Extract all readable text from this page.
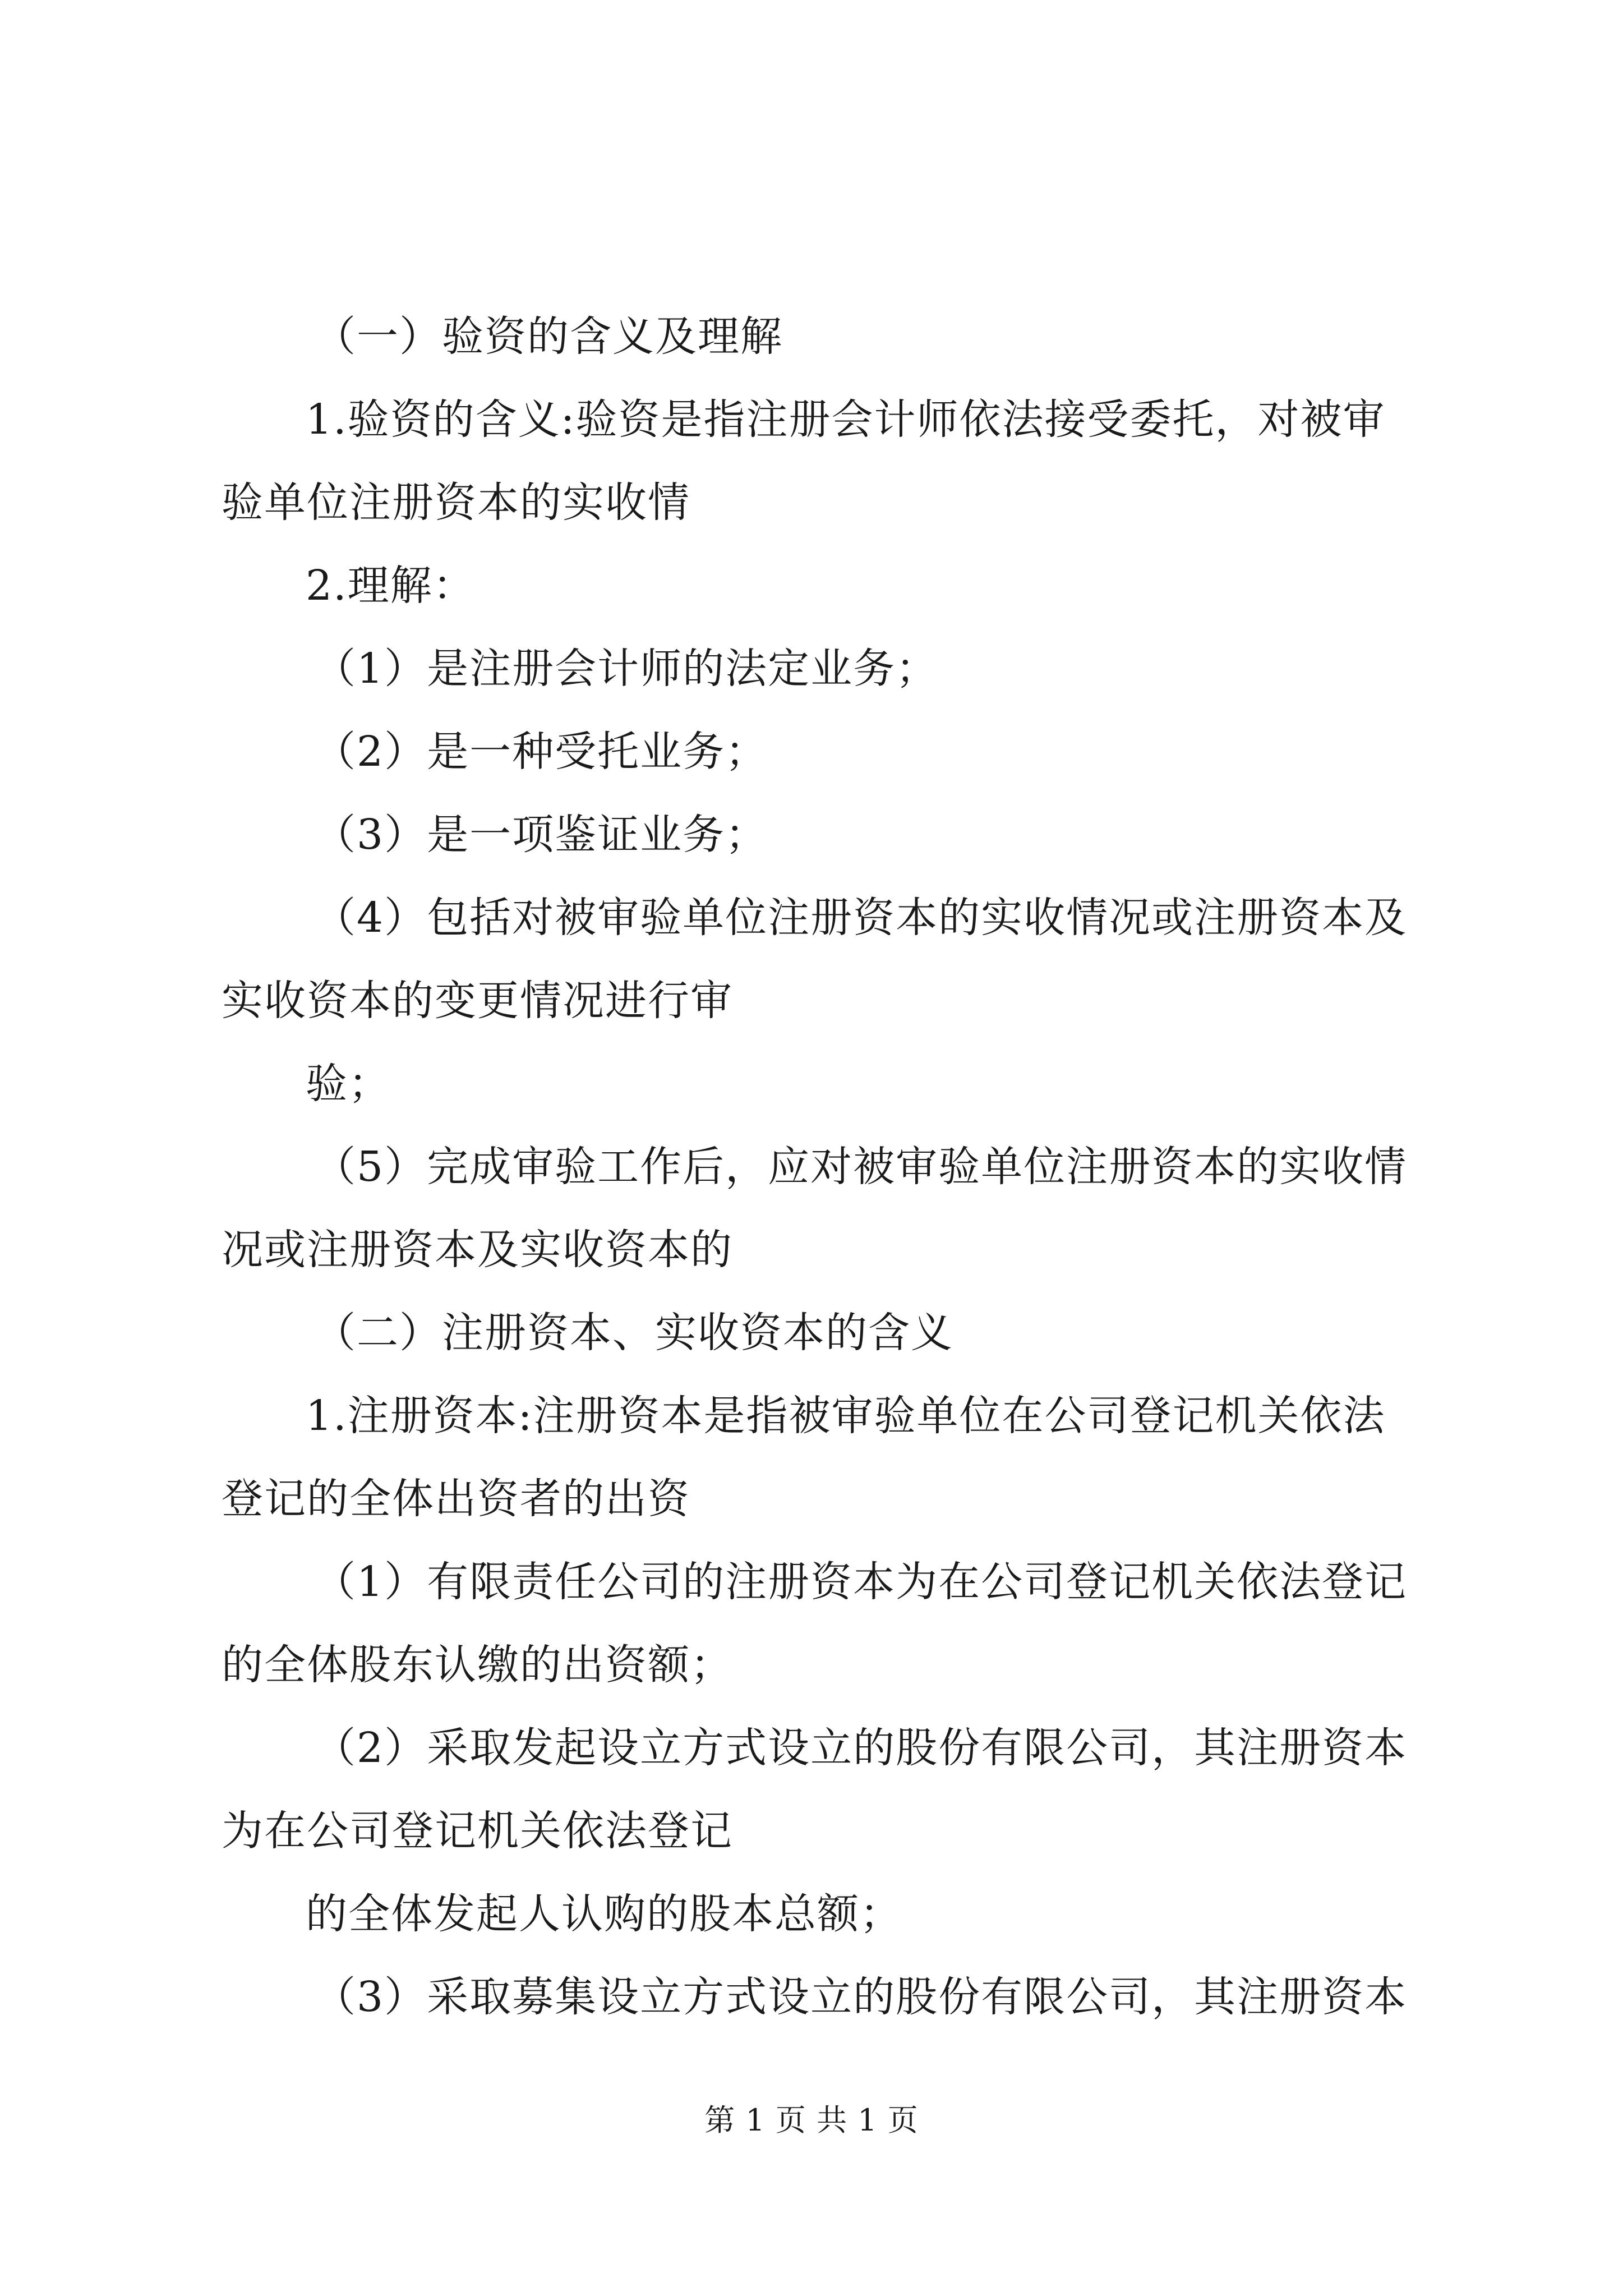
（一）验资的含义及理解

1.验资的含义:验资是指注册会计师依法接受委托，对被审

验单位注册资本的实收情

2.理解：

（1）是注册会计师的法定业务；

（2）是一种受托业务；

（3）是一项鉴证业务；

（4）包括对被审验单位注册资本的实收情况或注册资本及

实收资本的变更情况进行审

验；

（5）完成审验工作后，应对被审验单位注册资本的实收情

况或注册资本及实收资本的

（二）注册资本、实收资本的含义

1.注册资本:注册资本是指被审验单位在公司登记机关依法

登记的全体出资者的出资

（1）有限责任公司的注册资本为在公司登记机关依法登记

的全体股东认缴的出资额；

（2）采取发起设立方式设立的股份有限公司，其注册资本

为在公司登记机关依法登记

的全体发起人认购的股本总额；

（3）采取募集设立方式设立的股份有限公司，其注册资本

第 1 页 共 1 页
